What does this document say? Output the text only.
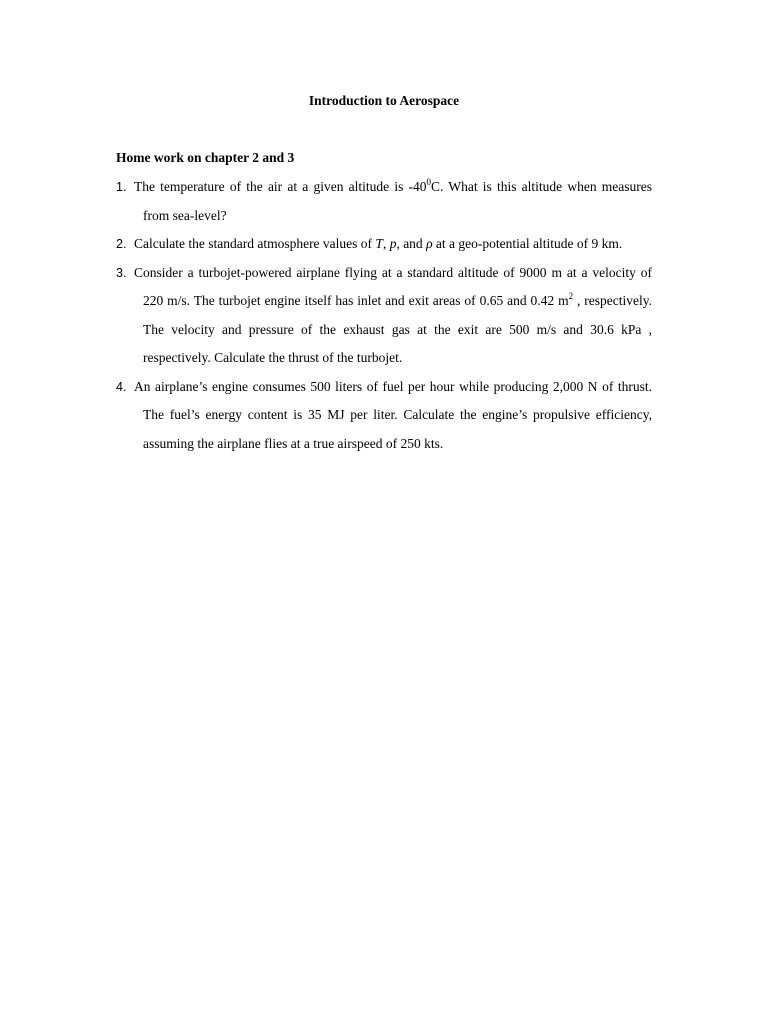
Introduction to Aerospace
Home work on chapter 2 and 3
1. The temperature of the air at a given altitude is $-40^0C$. What is this altitude when measures from sea-level?
2. Calculate the standard atmosphere values of T, p, and ρ at a geo-potential altitude of 9 km.
3. Consider a turbojet-powered airplane flying at a standard altitude of 9000 m at a velocity of 220 m/s. The turbojet engine itself has inlet and exit areas of 0.65 and 0.42 $m^2$ , respectively. The velocity and pressure of the exhaust gas at the exit are 500 m/s and 30.6 kPa , respectively. Calculate the thrust of the turbojet.
4. An airplane’s engine consumes 500 liters of fuel per hour while producing 2,000 N of thrust. The fuel’s energy content is 35 MJ per liter. Calculate the engine’s propulsive efficiency, assuming the airplane flies at a true airspeed of 250 kts.
